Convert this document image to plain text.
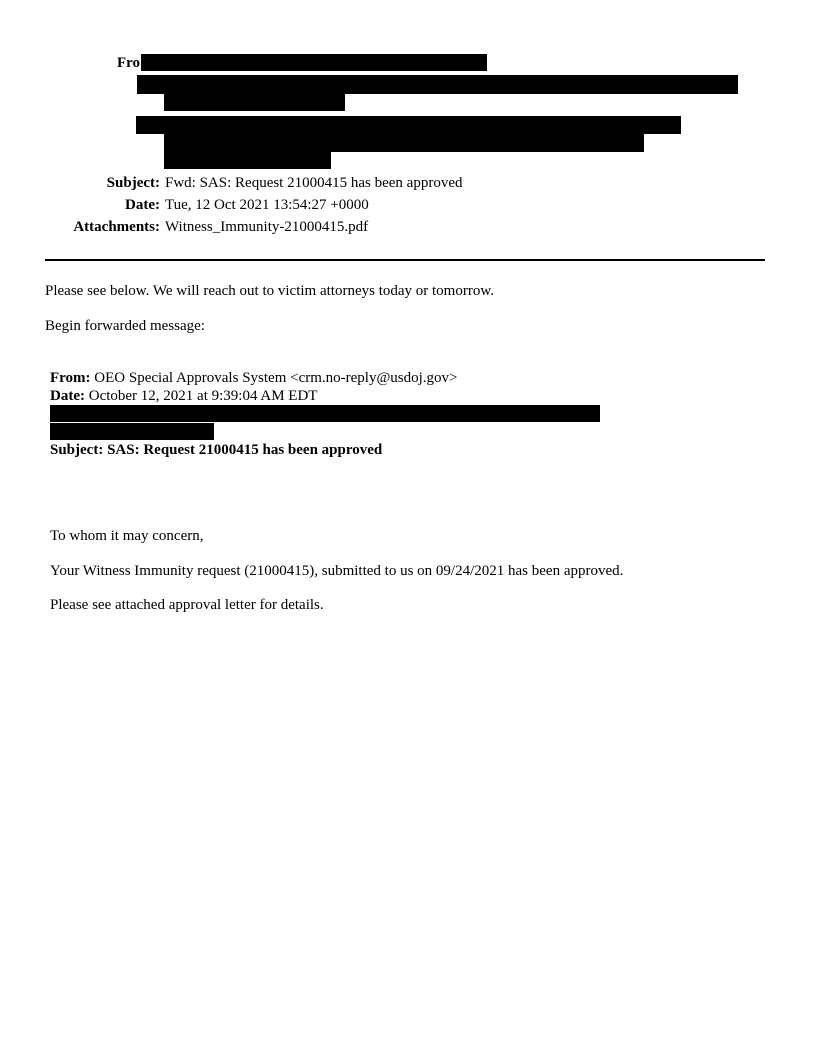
Fro
Subject: Fwd: SAS: Request 21000415 has been approved
Date: Tue, 12 Oct 2021 13:54:27 +0000
Attachments: Witness_Immunity-21000415.pdf
Please see below. We will reach out to victim attorneys today or tomorrow.
Begin forwarded message:
From: OEO Special Approvals System <crm.no-reply@usdoj.gov>
Date: October 12, 2021 at 9:39:04 AM EDT
Subject: SAS: Request 21000415 has been approved
To whom it may concern,
Your Witness Immunity request (21000415), submitted to us on 09/24/2021 has been approved.
Please see attached approval letter for details.
